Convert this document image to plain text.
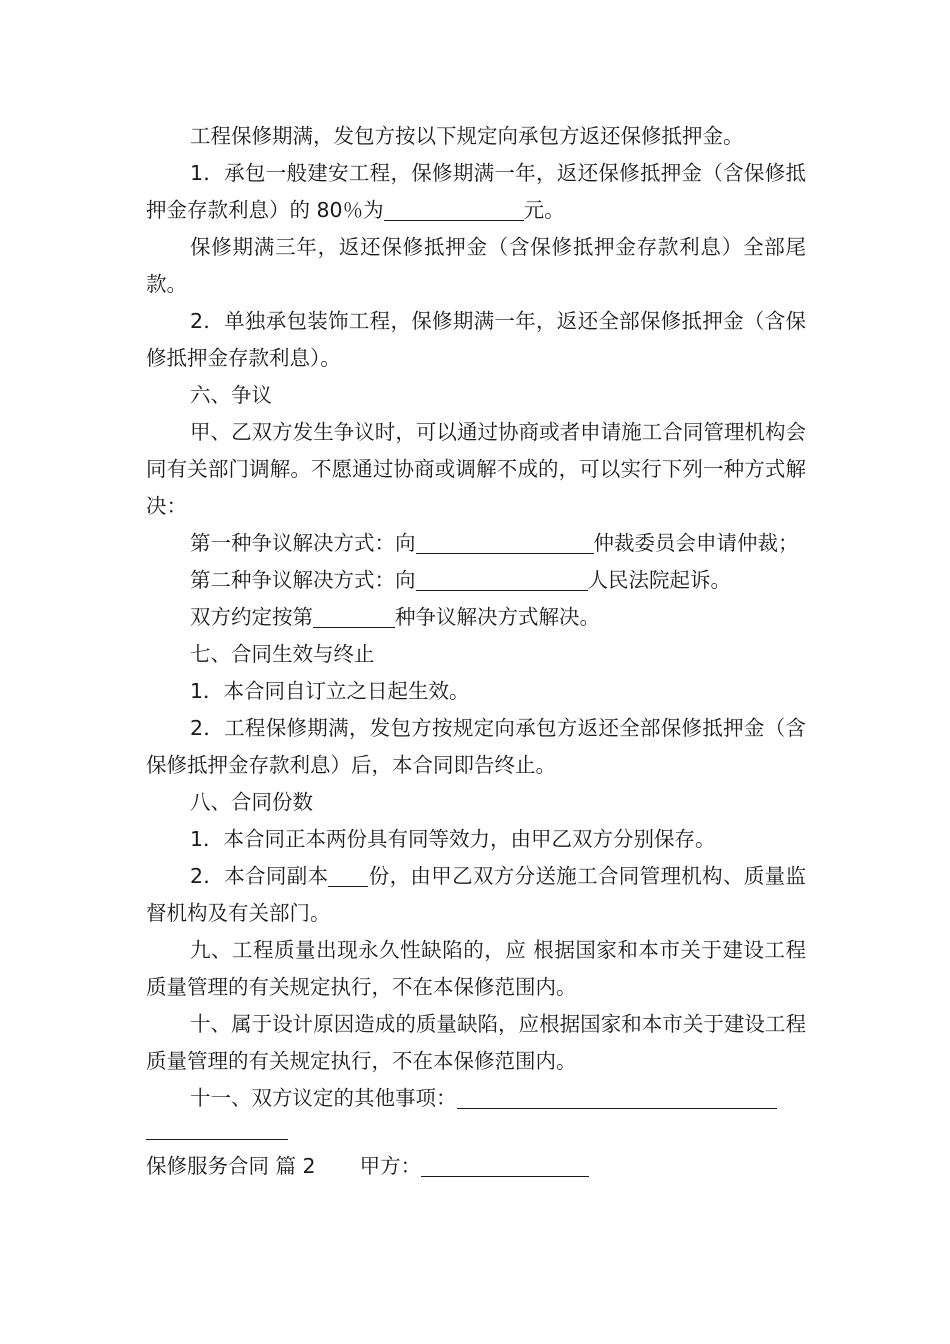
工程保修期满，发包方按以下规定向承包方返还保修抵押金。

1．承包一般建安工程，保修期满一年，返还保修抵押金（含保修抵押金存款利息）的 80％为	元。

保修期满三年，返还保修抵押金（含保修抵押金存款利息）全部尾款。

2．单独承包装饰工程，保修期满一年，返还全部保修抵押金（含保修抵押金存款利息）。

六、争议

甲、乙双方发生争议时，可以通过协商或者申请施工合同管理机构会同有关部门调解。不愿通过协商或调解不成的，可以实行下列一种方式解决：

第一种争议解决方式：向	仲裁委员会申请仲裁；

第二种争议解决方式：向	人民法院起诉。

双方约定按第	种争议解决方式解决。

七、合同生效与终止

1．本合同自订立之日起生效。

2．工程保修期满，发包方按规定向承包方返还全部保修抵押金（含保修抵押金存款利息）后，本合同即告终止。

八、合同份数

1．本合同正本两份具有同等效力，由甲乙双方分别保存。

2．本合同副本 份，由甲乙双方分送施工合同管理机构、质量监督机构及有关部门。

九、工程质量出现永久性缺陷的，应 根据国家和本市关于建设工程质量管理的有关规定执行，不在本保修范围内。

十、属于设计原因造成的质量缺陷，应根据国家和本市关于建设工程质量管理的有关规定执行，不在本保修范围内。

十一、双方议定的其他事项：

保修服务合同 篇 2 甲方：
